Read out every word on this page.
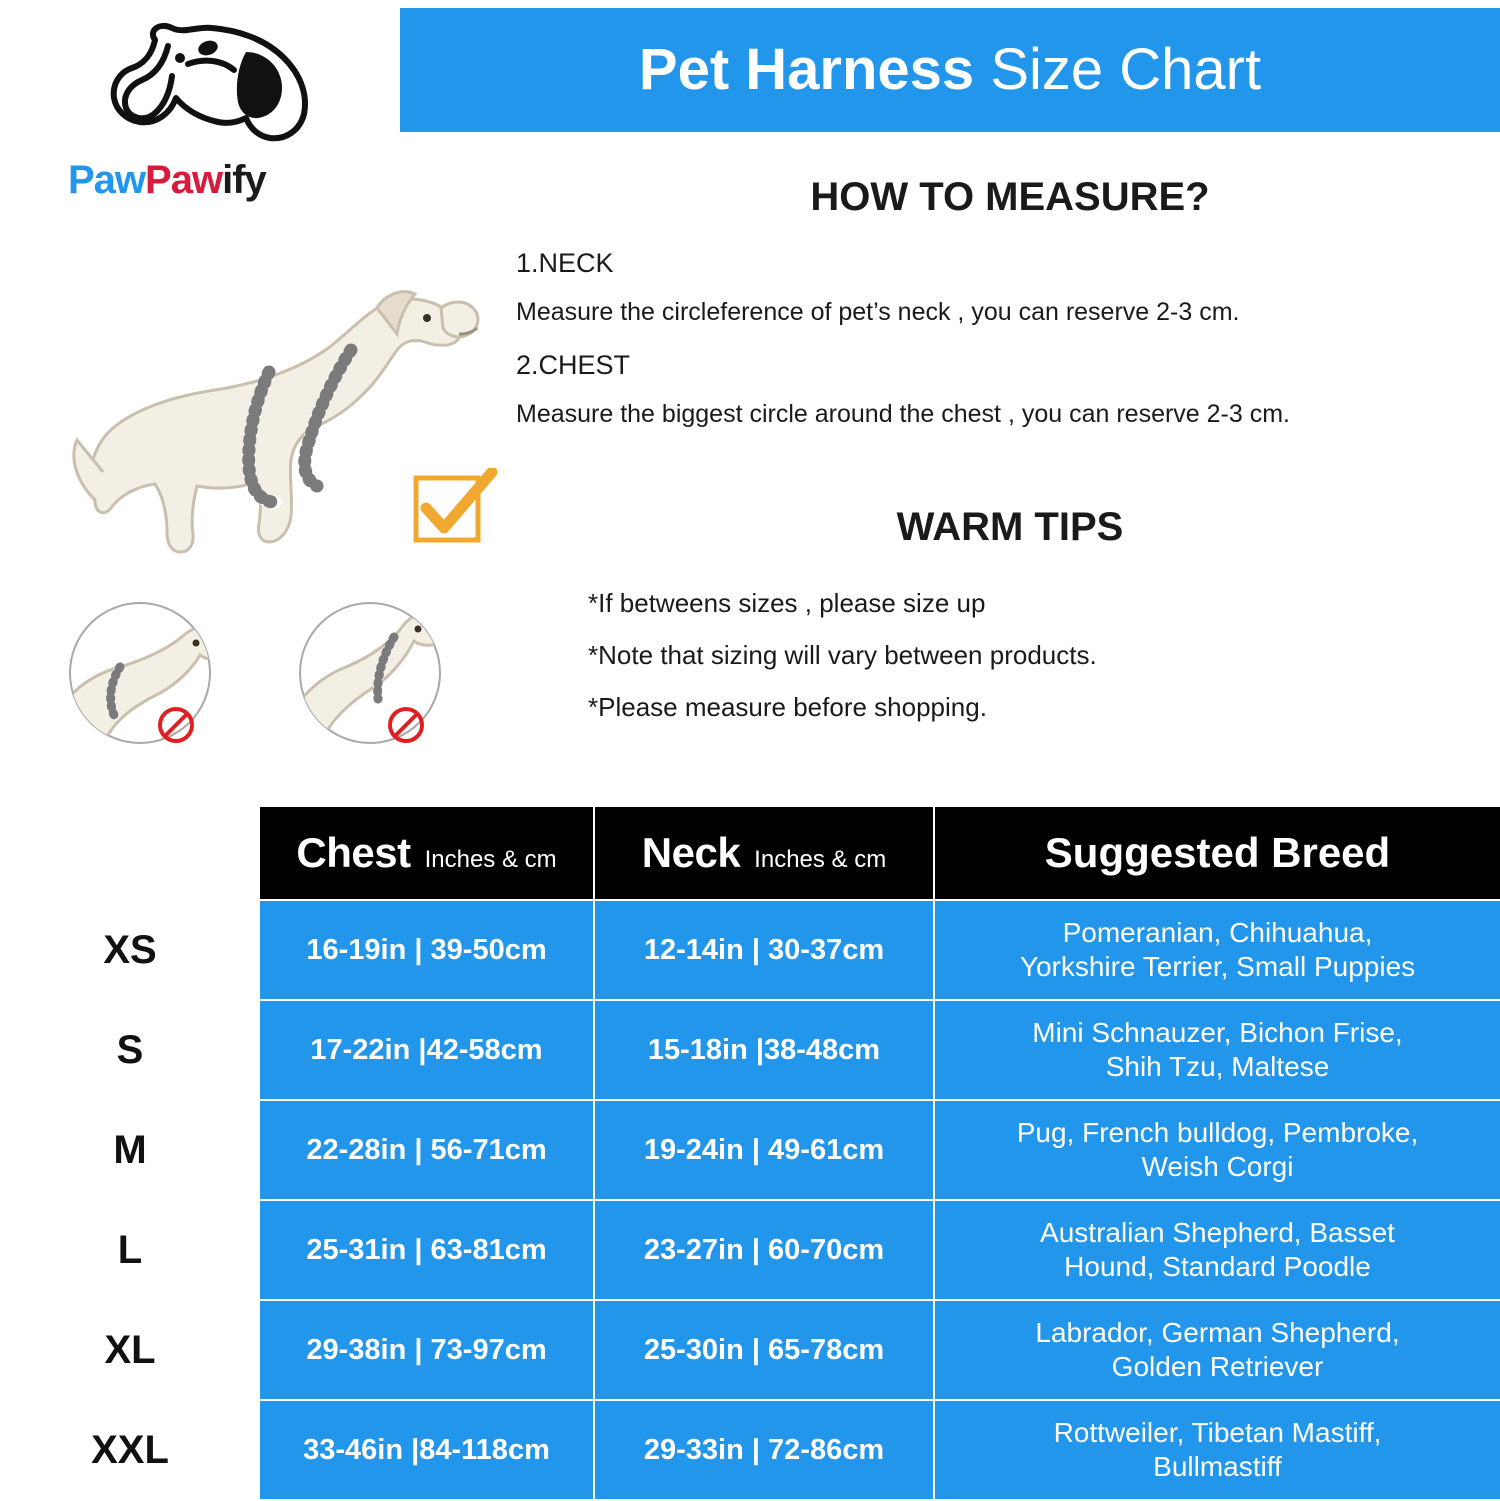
Pet Harness Size Chart
PawPawify	HOW TO MEASURE?
1.NECK
Measure the circleference of pet’s neck , you can reserve 2-3 cm.
2.CHEST
Measure the biggest circle around the chest , you can reserve 2-3 cm.
WARM TIPS
*If betweens sizes , please size up
*Note that sizing will vary between products.
*Please measure before shopping.

	Chest Inches & cm	Neck Inches & cm	Suggested Breed

XS	16-19in | 39-50cm	12-14in | 30-37cm	Pomeranian, Chihuahua,
Yorkshire Terrier, Small Puppies

S	17-22in |42-58cm	15-18in |38-48cm	Mini Schnauzer, Bichon Frise,
Shih Tzu, Maltese

M	22-28in | 56-71cm	19-24in | 49-61cm	Pug, French bulldog, Pembroke,
Weish Corgi

L	25-31in | 63-81cm	23-27in | 60-70cm	Australian Shepherd, Basset
Hound, Standard Poodle

XL	29-38in | 73-97cm	25-30in | 65-78cm	Labrador, German Shepherd,
Golden Retriever

XXL	33-46in |84-118cm	29-33in | 72-86cm	Rottweiler, Tibetan Mastiff,
Bullmastiff
